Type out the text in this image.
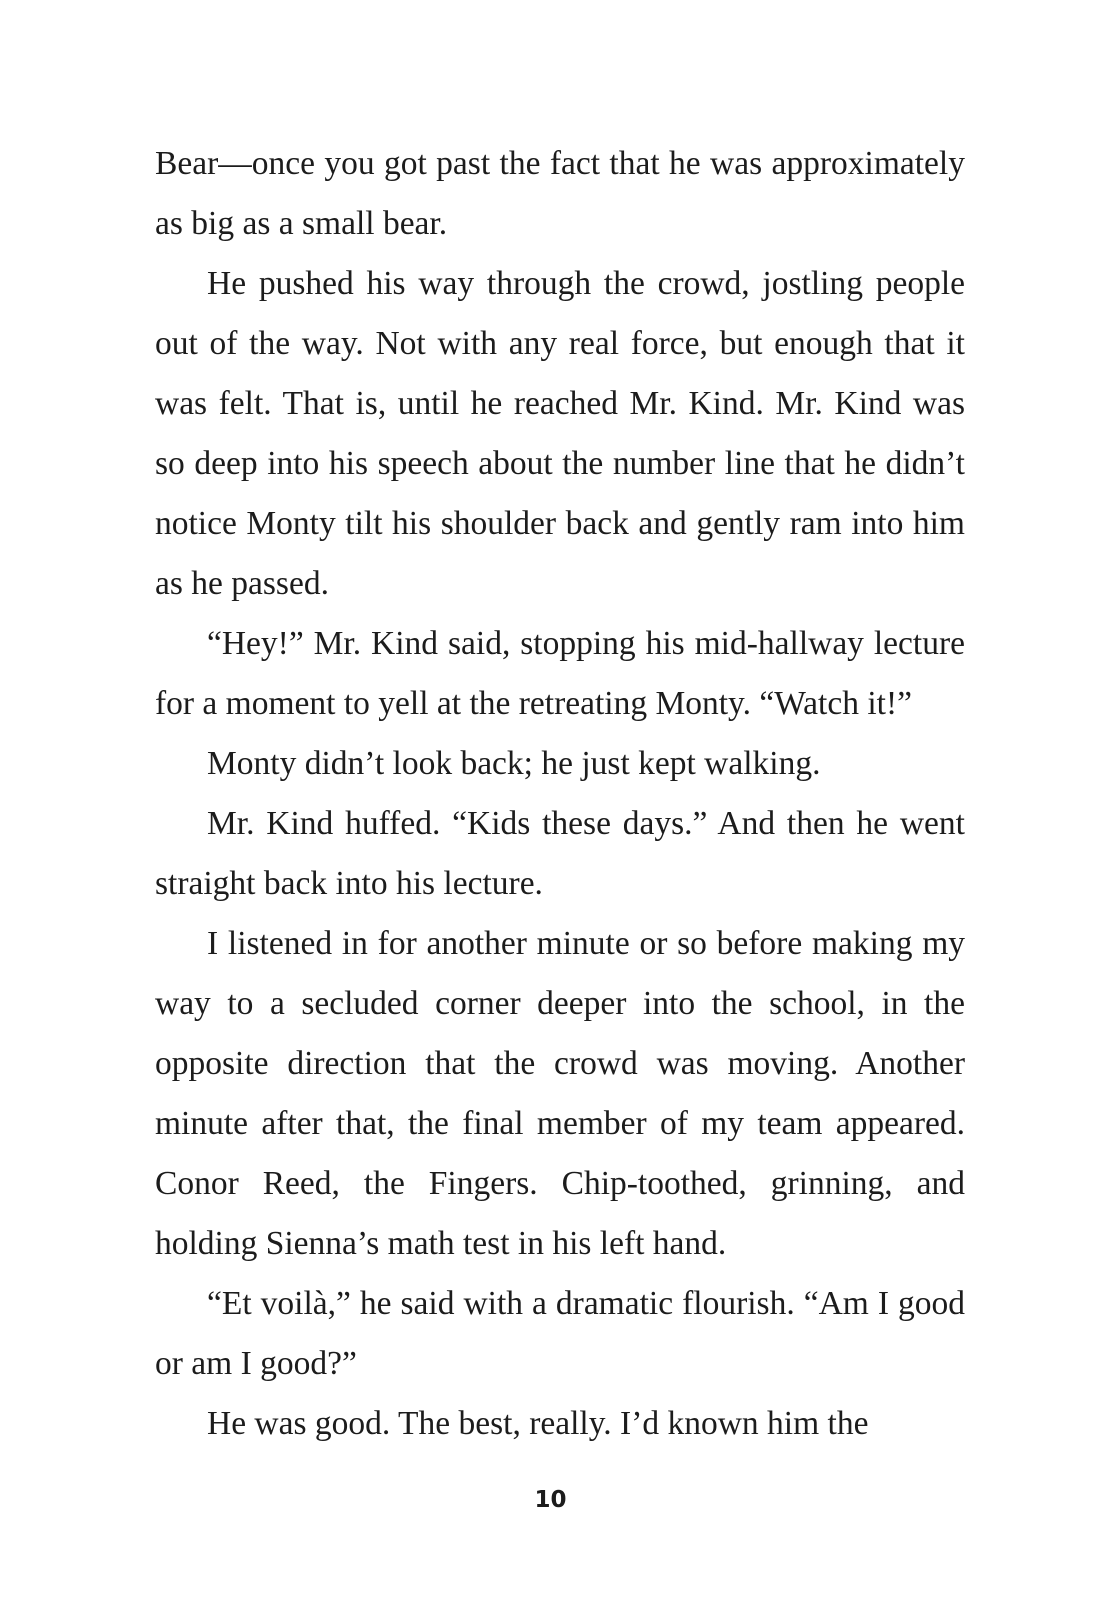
Bear—once you got past the fact that he was approximately as big as a small bear.

He pushed his way through the crowd, jostling people out of the way. Not with any real force, but enough that it was felt. That is, until he reached Mr. Kind. Mr. Kind was so deep into his speech about the number line that he didn’t notice Monty tilt his shoulder back and gently ram into him as he passed.

“Hey!” Mr. Kind said, stopping his mid-hallway lecture for a moment to yell at the retreating Monty. “Watch it!”

Monty didn’t look back; he just kept walking.

Mr. Kind huffed. “Kids these days.” And then he went straight back into his lecture.

I listened in for another minute or so before making my way to a secluded corner deeper into the school, in the opposite direction that the crowd was moving. Another minute after that, the final member of my team appeared. Conor Reed, the Fingers. Chip-toothed, grinning, and holding Sienna’s math test in his left hand.

“Et voilà,” he said with a dramatic flourish. “Am I good or am I good?”

He was good. The best, really. I’d known him the

10
